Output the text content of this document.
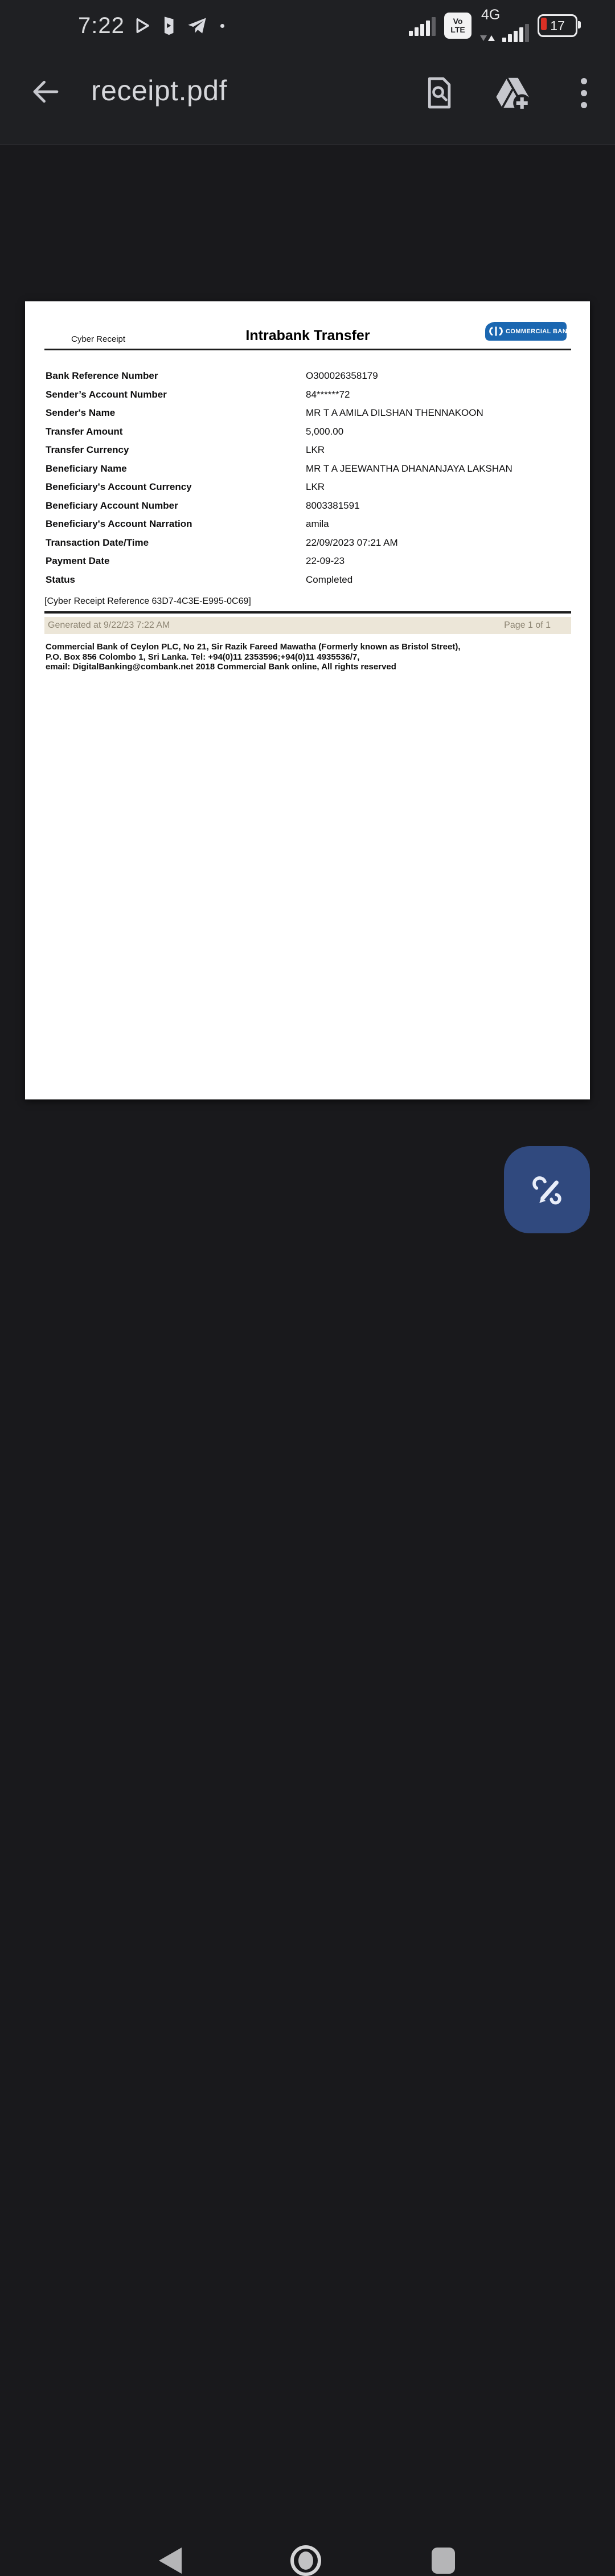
7:22	Vo
LTE
4G
17
receipt.pdf
Cyber Receipt	Intrabank Transfer	COMMERCIAL BANK
Bank Reference Number	O300026358179
Sender’s Account Number	84******72
Sender's Name	MR T A AMILA DILSHAN THENNAKOON
Transfer Amount	5,000.00
Transfer Currency	LKR
Beneficiary Name	MR T A JEEWANTHA DHANANJAYA LAKSHAN
Beneficiary's Account Currency	LKR
Beneficiary Account Number	8003381591
Beneficiary's Account Narration	amila
Transaction Date/Time	22/09/2023 07:21 AM
Payment Date	22-09-23
Status	Completed
[Cyber Receipt Reference 63D7-4C3E-E995-0C69]
Generated at 9/22/23 7:22 AM	Page 1 of 1
Commercial Bank of Ceylon PLC, No 21, Sir Razik Fareed Mawatha (Formerly known as Bristol Street),
P.O. Box 856 Colombo 1, Sri Lanka. Tel: +94(0)11 2353596;+94(0)11 4935536/7,
email: DigitalBanking@combank.net 2018 Commercial Bank online, All rights reserved
